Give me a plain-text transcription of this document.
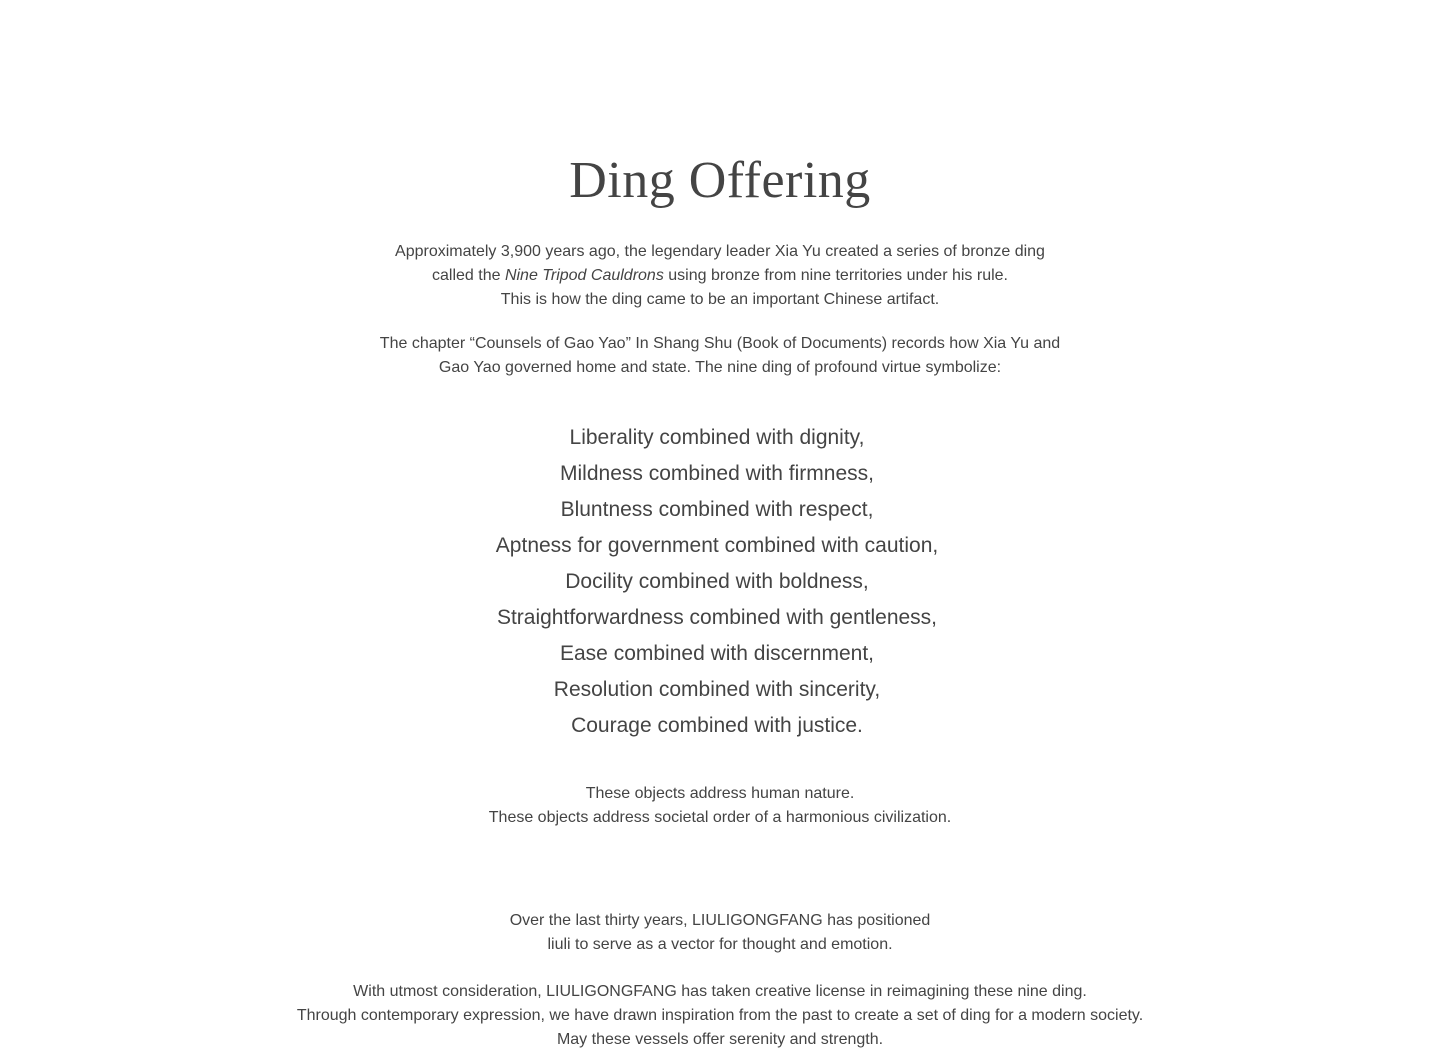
Ding Offering

Approximately 3,900 years ago, the legendary leader Xia Yu created a series of bronze ding
called the Nine Tripod Cauldrons using bronze from nine territories under his rule.
This is how the ding came to be an important Chinese artifact.

The chapter “Counsels of Gao Yao” In Shang Shu (Book of Documents) records how Xia Yu and
Gao Yao governed home and state. The nine ding of profound virtue symbolize:

Liberality combined with dignity,
Mildness combined with firmness,
Bluntness combined with respect,
Aptness for government combined with caution,
Docility combined with boldness,
Straightforwardness combined with gentleness,
Ease combined with discernment,
Resolution combined with sincerity,
Courage combined with justice.

These objects address human nature.
These objects address societal order of a harmonious civilization.

Over the last thirty years, LIULIGONGFANG has positioned
liuli to serve as a vector for thought and emotion.

With utmost consideration, LIULIGONGFANG has taken creative license in reimagining these nine ding.
Through contemporary expression, we have drawn inspiration from the past to create a set of ding for a modern society.
May these vessels offer serenity and strength.
